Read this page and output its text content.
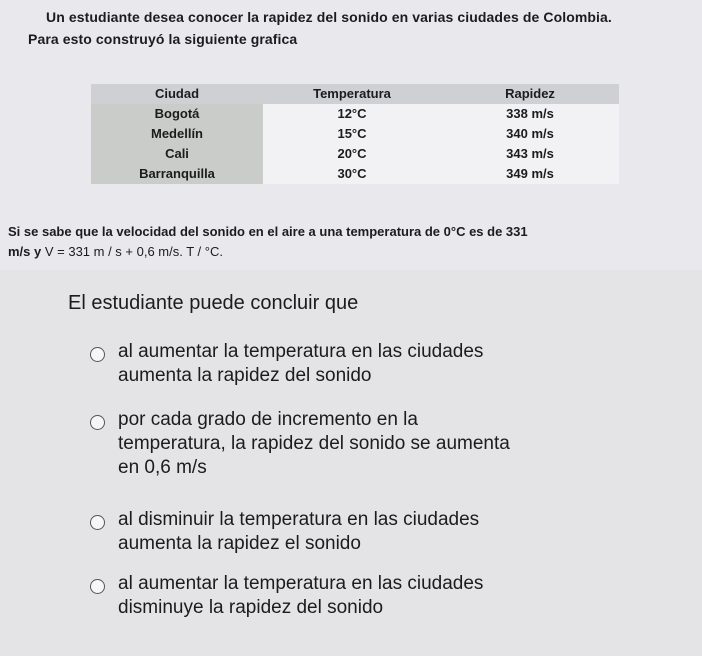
Un estudiante desea conocer la rapidez del sonido en varias ciudades de Colombia.

Para esto construyó la siguiente grafica

Ciudad	Temperatura	Rapidez
Bogotá	12°C	338 m/s
Medellín	15°C	340 m/s
Cali	20°C	343 m/s
Barranquilla	30°C	349 m/s

Si se sabe que la velocidad del sonido en el aire a una temperatura de 0°C es de 331

m/s y V = 331 m / s + 0,6 m/s. T / °C.

El estudiante puede concluir que
al aumentar la temperatura en las ciudades
aumenta la rapidez del sonido
por cada grado de incremento en la
temperatura, la rapidez del sonido se aumenta
en 0,6 m/s
al disminuir la temperatura en las ciudades
aumenta la rapidez el sonido
al aumentar la temperatura en las ciudades
disminuye la rapidez del sonido
